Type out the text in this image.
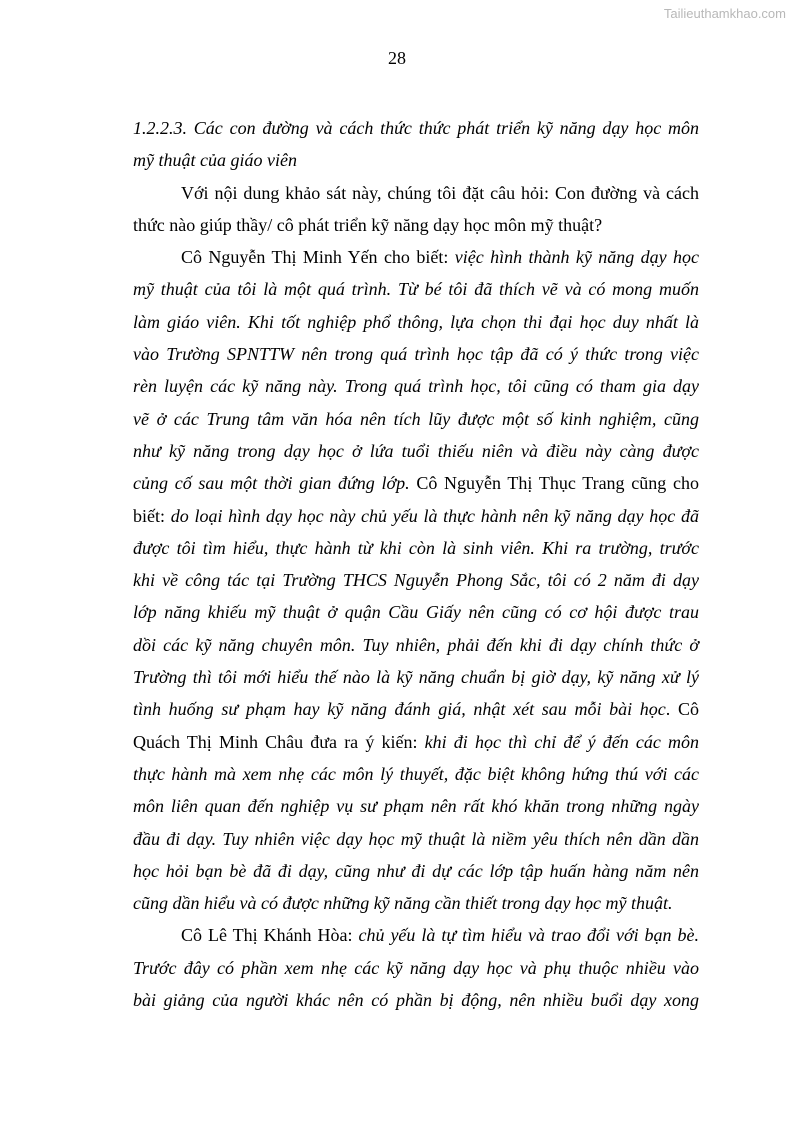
Tailieuthamkhao.com
28
1.2.2.3. Các con đường và cách thức thức phát triển kỹ năng dạy học môn
mỹ thuật của giáo viên
Với nội dung khảo sát này, chúng tôi đặt câu hỏi: Con đường và cách
thức nào giúp thầy/ cô phát triển kỹ năng dạy học môn mỹ thuật?
Cô Nguyễn Thị Minh Yến cho biết: việc hình thành kỹ năng dạy học
mỹ thuật của tôi là một quá trình. Từ bé tôi đã thích vẽ và có mong muốn
làm giáo viên. Khi tốt nghiệp phổ thông, lựa chọn thi đại học duy nhất là
vào Trường SPNTTW nên trong quá trình học tập đã có ý thức trong việc
rèn luyện các kỹ năng này. Trong quá trình học, tôi cũng có tham gia dạy
vẽ ở các Trung tâm văn hóa nên tích lũy được một số kinh nghiệm, cũng
như kỹ năng trong dạy học ở lứa tuổi thiếu niên và điều này càng được
củng cố sau một thời gian đứng lớp. Cô Nguyễn Thị Thục Trang cũng cho
biết: do loại hình dạy học này chủ yếu là thực hành nên kỹ năng dạy học đã
được tôi tìm hiểu, thực hành từ khi còn là sinh viên. Khi ra trường, trước
khi về công tác tại Trường THCS Nguyễn Phong Sắc, tôi có 2 năm đi dạy
lớp năng khiếu mỹ thuật ở quận Cầu Giấy nên cũng có cơ hội được trau
dồi các kỹ năng chuyên môn. Tuy nhiên, phải đến khi đi dạy chính thức ở
Trường thì tôi mới hiểu thế nào là kỹ năng chuẩn bị giờ dạy, kỹ năng xử lý
tình huống sư phạm hay kỹ năng đánh giá, nhật xét sau mỗi bài học. Cô
Quách Thị Minh Châu đưa ra ý kiến: khi đi học thì chỉ để ý đến các môn
thực hành mà xem nhẹ các môn lý thuyết, đặc biệt không hứng thú với các
môn liên quan đến nghiệp vụ sư phạm nên rất khó khăn trong những ngày
đầu đi dạy. Tuy nhiên việc dạy học mỹ thuật là niềm yêu thích nên dần dần
học hỏi bạn bè đã đi dạy, cũng như đi dự các lớp tập huấn hàng năm nên
cũng dần hiểu và có được những kỹ năng cần thiết trong dạy học mỹ thuật.
Cô Lê Thị Khánh Hòa: chủ yếu là tự tìm hiểu và trao đổi với bạn bè.
Trước đây có phần xem nhẹ các kỹ năng dạy học và phụ thuộc nhiều vào
bài giảng của người khác nên có phần bị động, nên nhiều buổi dạy xong
